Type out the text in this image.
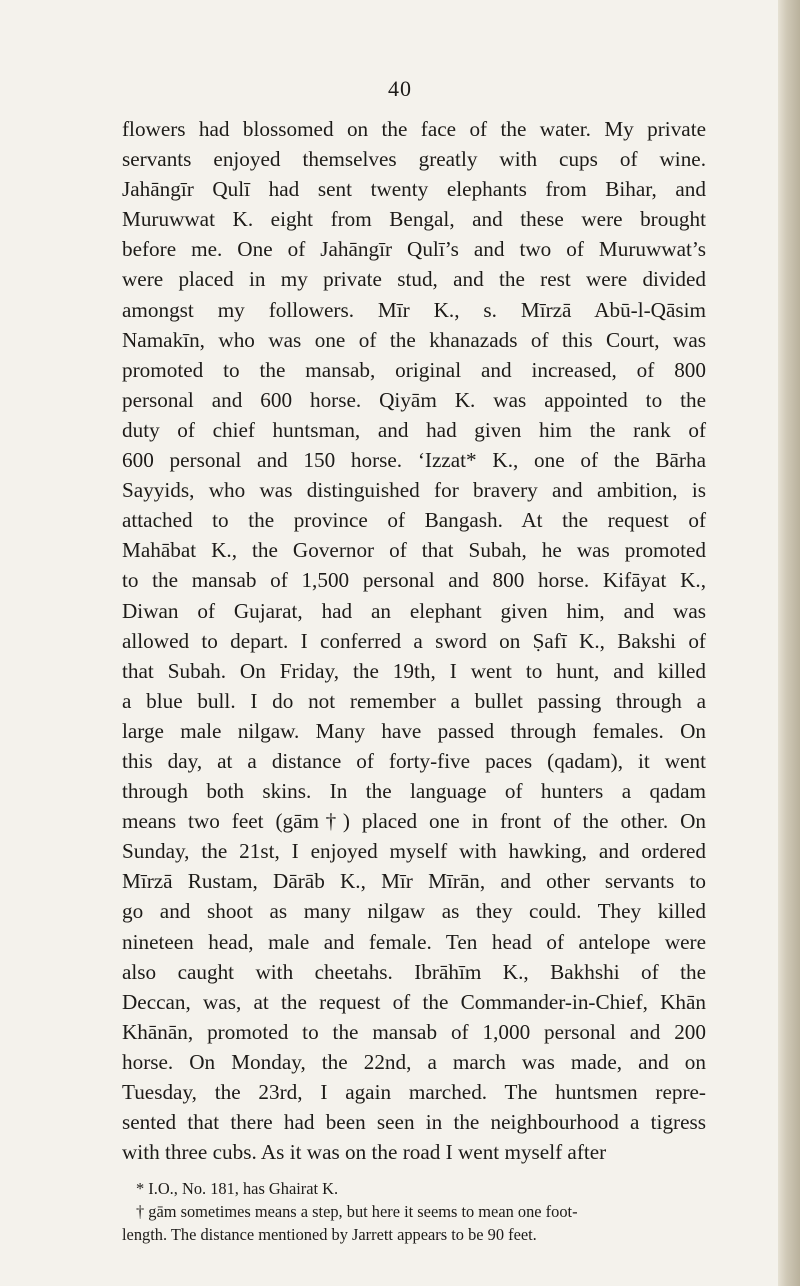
40
flowers had blossomed on the face of the water. My private
servants enjoyed themselves greatly with cups of wine.
Jahāngīr Qulī had sent twenty elephants from Bihar, and
Muruwwat K. eight from Bengal, and these were brought
before me. One of Jahāngīr Qulī’s and two of Muruwwat’s
were placed in my private stud, and the rest were divided
amongst my followers. Mīr K., s. Mīrzā Abū-l-Qāsim
Namakīn, who was one of the khanazads of this Court, was
promoted to the mansab, original and increased, of 800
personal and 600 horse. Qiyām K. was appointed to the
duty of chief huntsman, and had given him the rank of
600 personal and 150 horse. ‘Izzat* K., one of the Bārha
Sayyids, who was distinguished for bravery and ambition, is
attached to the province of Bangash. At the request of
Mahābat K., the Governor of that Subah, he was promoted
to the mansab of 1,500 personal and 800 horse. Kifāyat K.,
Diwan of Gujarat, had an elephant given him, and was
allowed to depart. I conferred a sword on Ṣafī K., Bakshi of
that Subah. On Friday, the 19th, I went to hunt, and killed
a blue bull. I do not remember a bullet passing through a
large male nilgaw. Many have passed through females. On
this day, at a distance of forty-five paces (qadam), it went
through both skins. In the language of hunters a qadam
means two feet (gām†) placed one in front of the other. On
Sunday, the 21st, I enjoyed myself with hawking, and ordered
Mīrzā Rustam, Dārāb K., Mīr Mīrān, and other servants to
go and shoot as many nilgaw as they could. They killed
nineteen head, male and female. Ten head of antelope were
also caught with cheetahs. Ibrāhīm K., Bakhshi of the
Deccan, was, at the request of the Commander-in-Chief, Khān
Khānān, promoted to the mansab of 1,000 personal and 200
horse. On Monday, the 22nd, a march was made, and on
Tuesday, the 23rd, I again marched. The huntsmen repre-
sented that there had been seen in the neighbourhood a tigress
with three cubs. As it was on the road I went myself after
* I.O., No. 181, has Ghairat K.
† gām sometimes means a step, but here it seems to mean one foot-
length. The distance mentioned by Jarrett appears to be 90 feet.
